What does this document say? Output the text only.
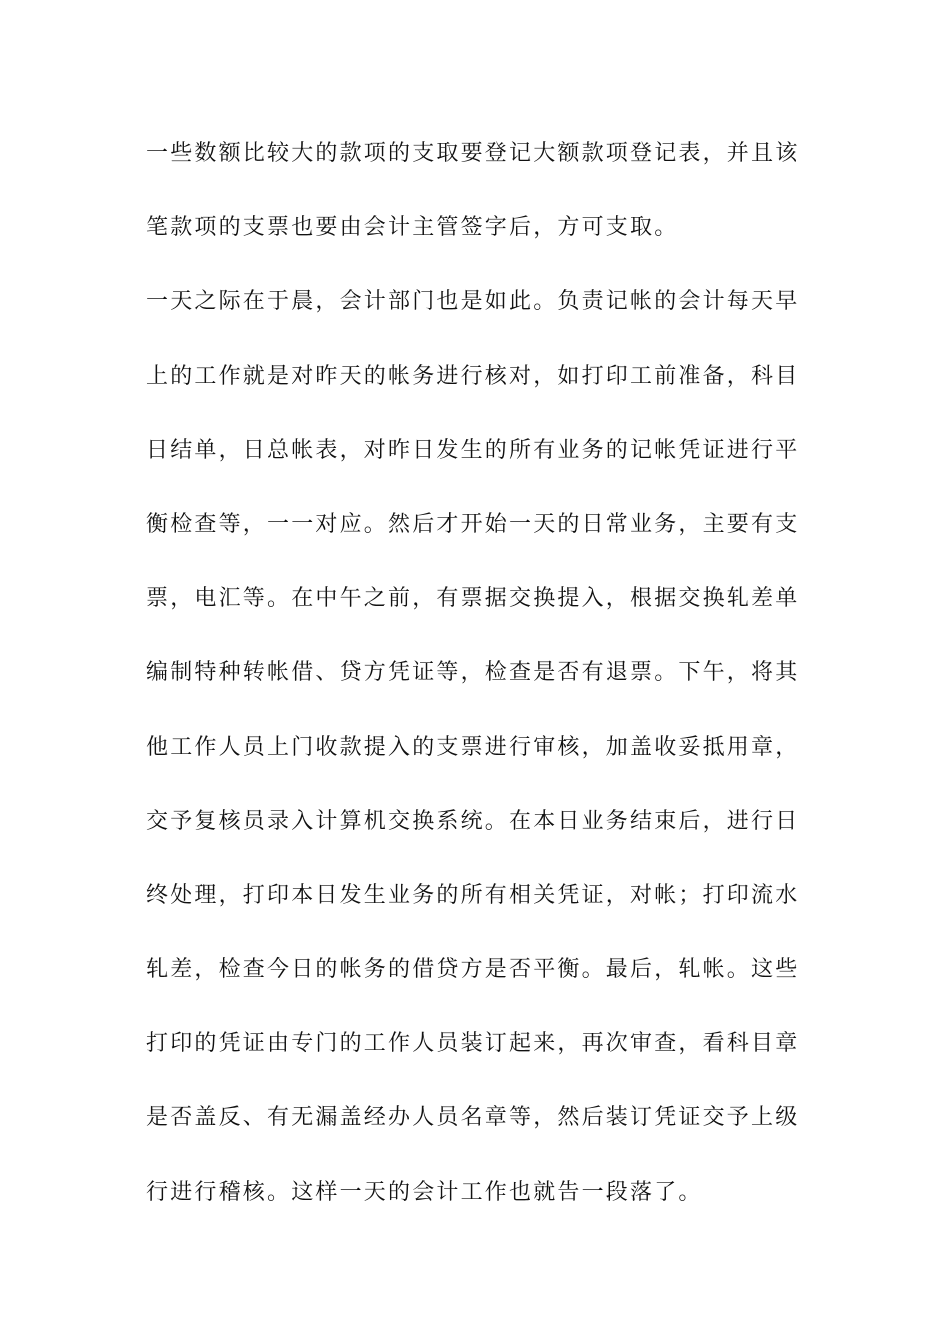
一些数额比较大的款项的支取要登记大额款项登记表，并且该
笔款项的支票也要由会计主管签字后，方可支取。
一天之际在于晨，会计部门也是如此。负责记帐的会计每天早
上的工作就是对昨天的帐务进行核对，如打印工前准备，科目
日结单，日总帐表，对昨日发生的所有业务的记帐凭证进行平
衡检查等，一一对应。然后才开始一天的日常业务，主要有支
票，电汇等。在中午之前，有票据交换提入，根据交换轧差单
编制特种转帐借、贷方凭证等，检查是否有退票。下午，将其
他工作人员上门收款提入的支票进行审核，加盖收妥抵用章，
交予复核员录入计算机交换系统。在本日业务结束后，进行日
终处理，打印本日发生业务的所有相关凭证，对帐；打印流水
轧差，检查今日的帐务的借贷方是否平衡。最后，轧帐。这些
打印的凭证由专门的工作人员装订起来，再次审查，看科目章
是否盖反、有无漏盖经办人员名章等，然后装订凭证交予上级
行进行稽核。这样一天的会计工作也就告一段落了。
